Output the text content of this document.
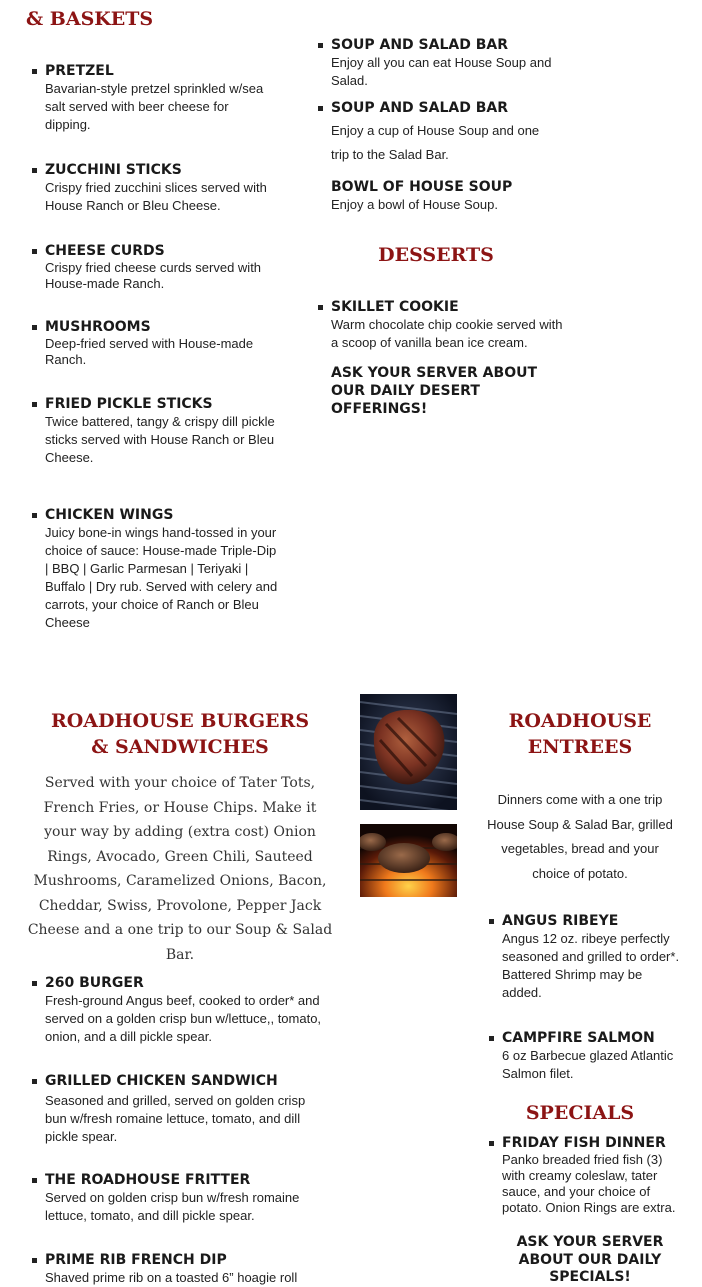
& BASKETS
PRETZEL
Bavarian-style pretzel sprinkled w/sea salt served with beer cheese for dipping.
ZUCCHINI STICKS
Crispy fried zucchini slices served with House Ranch or Bleu Cheese.
CHEESE CURDS
Crispy fried cheese curds served with House-made Ranch.
MUSHROOMS
Deep-fried served with House-made Ranch.
FRIED PICKLE STICKS
Twice battered, tangy & crispy dill pickle sticks served with House Ranch or Bleu Cheese.
CHICKEN WINGS
Juicy bone-in wings hand-tossed in your choice of sauce: House-made Triple-Dip | BBQ | Garlic Parmesan | Teriyaki | Buffalo | Dry rub. Served with celery and carrots, your choice of Ranch or Bleu Cheese
SOUP AND SALAD BAR
Enjoy all you can eat House Soup and Salad.
SOUP AND SALAD BAR
Enjoy a cup of House Soup and one trip to the Salad Bar.
BOWL OF HOUSE SOUP
Enjoy a bowl of House Soup.
DESSERTS
SKILLET COOKIE
Warm chocolate chip cookie served with a scoop of vanilla bean ice cream.
ASK YOUR SERVER ABOUT OUR DAILY DESERT OFFERINGS!
ROADHOUSE BURGERS & SANDWICHES
Served with your choice of Tater Tots, French Fries, or House Chips. Make it your way by adding (extra cost) Onion Rings, Avocado, Green Chili, Sauteed Mushrooms, Caramelized Onions, Bacon, Cheddar, Swiss, Provolone, Pepper Jack Cheese and a one trip to our Soup & Salad Bar.
260 BURGER
Fresh-ground Angus beef, cooked to order* and served on a golden crisp bun w/lettuce,, tomato, onion, and a dill pickle spear.
GRILLED CHICKEN SANDWICH
Seasoned and grilled, served on golden crisp bun w/fresh romaine lettuce, tomato, and dill pickle spear.
THE ROADHOUSE FRITTER
Served on golden crisp bun w/fresh romaine lettuce, tomato, and dill pickle spear.
PRIME RIB FRENCH DIP
Shaved prime rib on a toasted 6” hoagie roll
ROADHOUSE ENTREES
Dinners come with a one trip House Soup & Salad Bar, grilled vegetables, bread and your choice of potato.
ANGUS RIBEYE
Angus 12 oz. ribeye perfectly seasoned and grilled to order*. Battered Shrimp may be added.
CAMPFIRE SALMON
6 oz Barbecue glazed Atlantic Salmon filet.
SPECIALS
FRIDAY FISH DINNER
Panko breaded fried fish (3) with creamy coleslaw, tater sauce, and your choice of potato. Onion Rings are extra.
ASK YOUR SERVER ABOUT OUR DAILY SPECIALS!
